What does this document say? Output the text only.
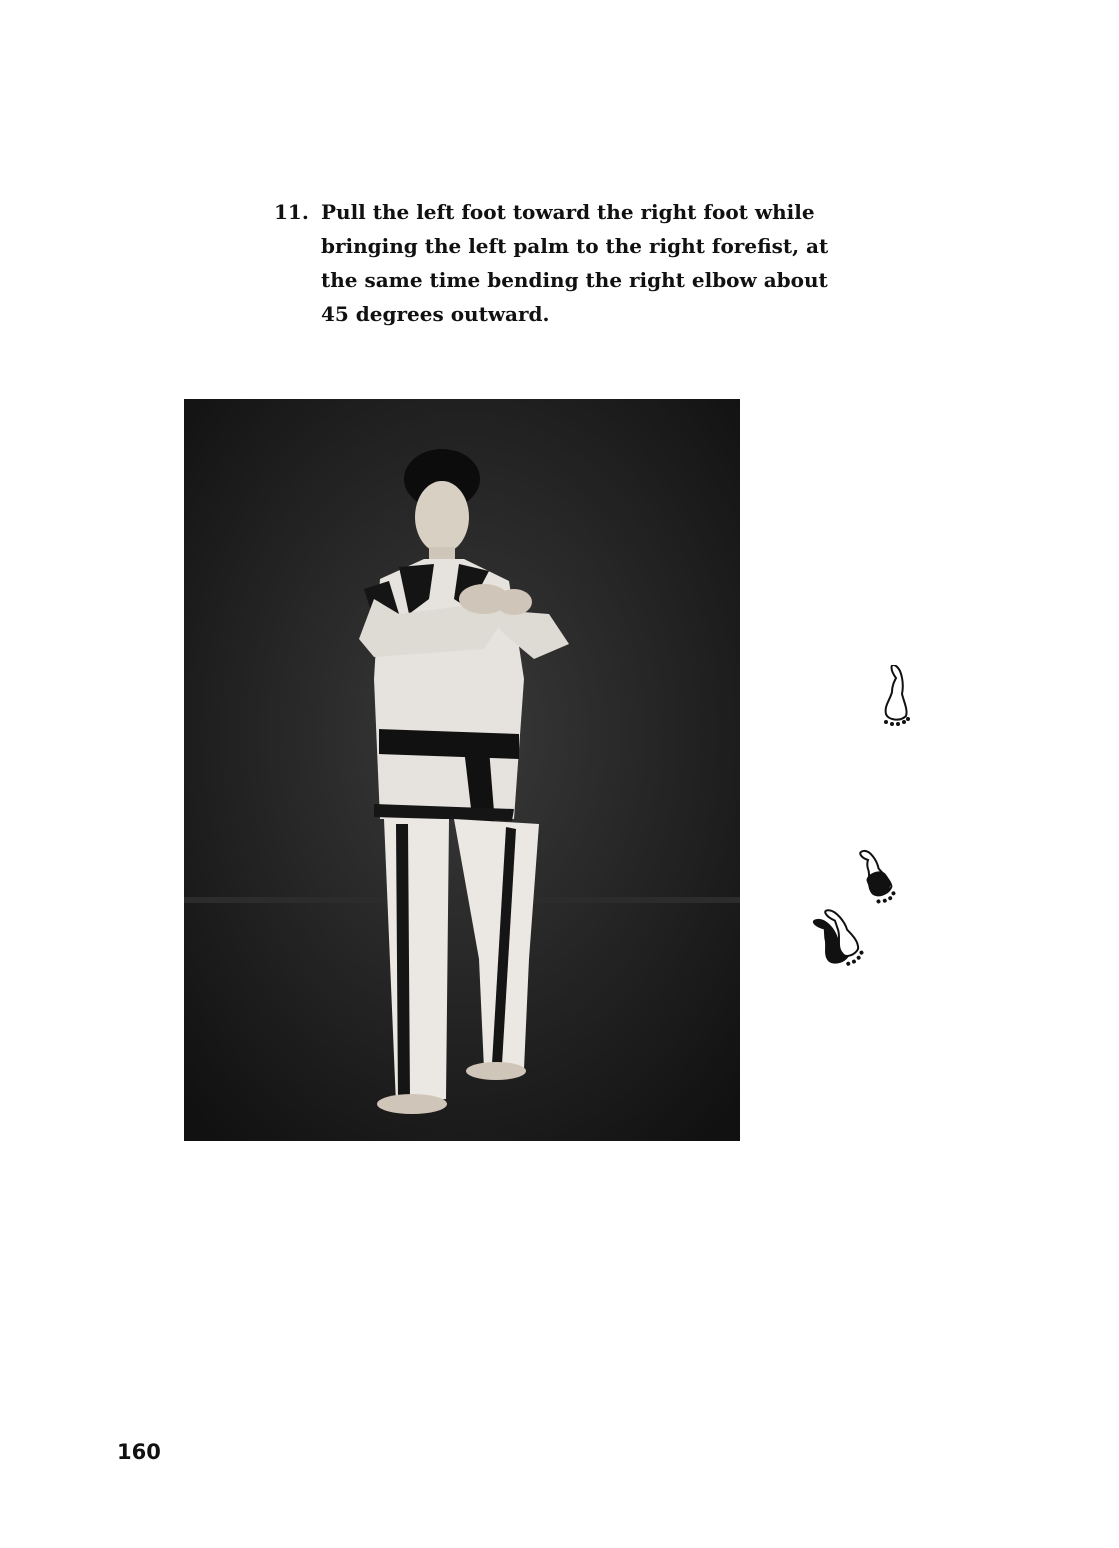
11. Pull the left foot toward the right foot while bringing the left palm to the right forefist, at the same time bending the right elbow about 45 degrees outward.
160
